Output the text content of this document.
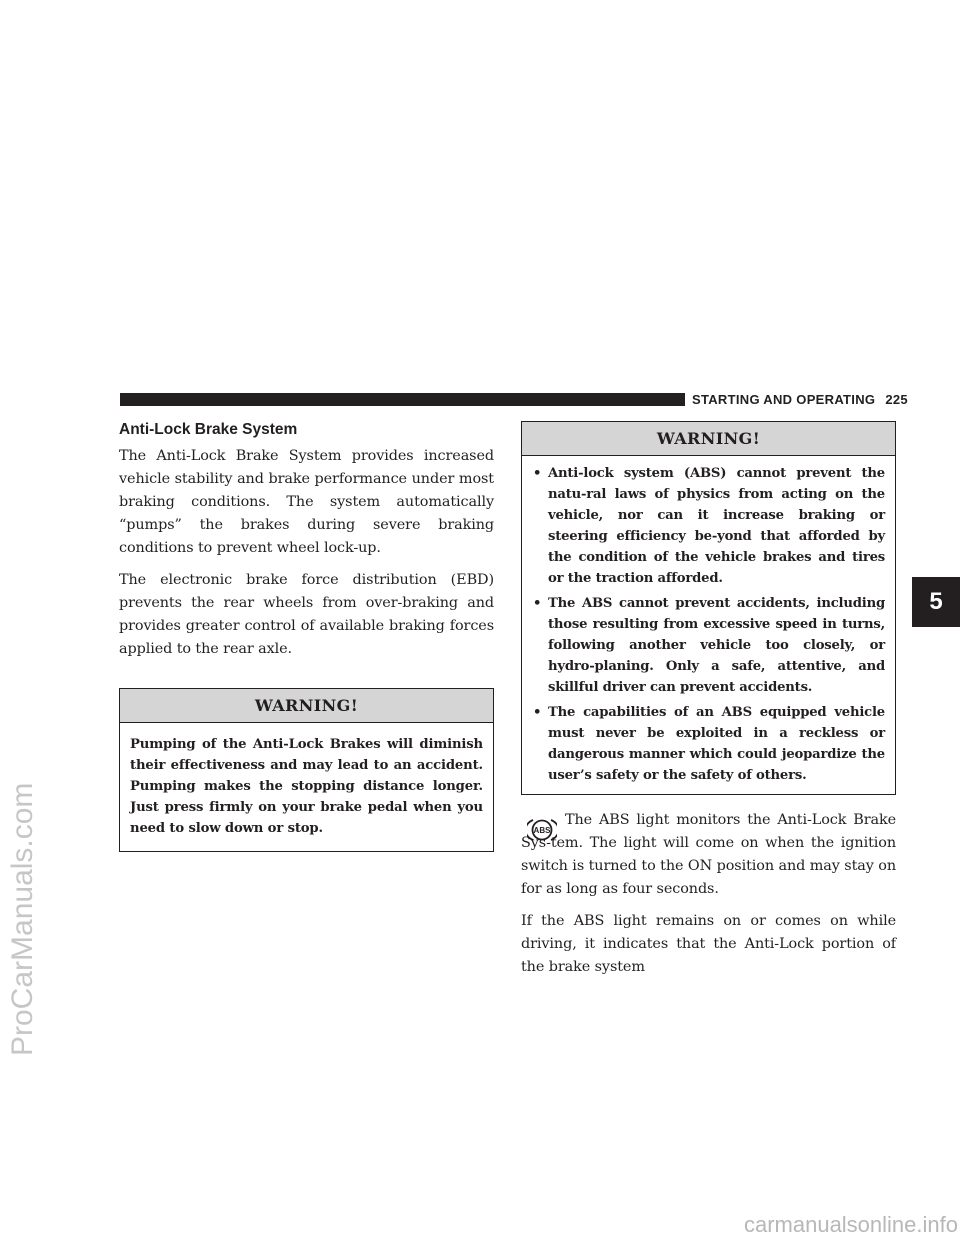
STARTING AND OPERATING 225
ProCarManuals.com
5
Anti-Lock Brake System

The Anti-Lock Brake System provides increased vehicle stability and brake performance under most braking conditions. The system automatically “pumps” the brakes during severe braking conditions to prevent wheel lock-up.

The electronic brake force distribution (EBD) prevents the rear wheels from over-braking and provides greater control of available braking forces applied to the rear axle.

WARNING!
Pumping of the Anti-Lock Brakes will diminish their effectiveness and may lead to an accident. Pumping makes the stopping distance longer. Just press firmly on your brake pedal when you need to slow down or stop.
WARNING!
• Anti-lock system (ABS) cannot prevent the natu-ral laws of physics from acting on the vehicle, nor can it increase braking or steering efficiency be-yond that afforded by the condition of the vehicle brakes and tires or the traction afforded.
• The ABS cannot prevent accidents, including those resulting from excessive speed in turns, following another vehicle too closely, or hydro-planing. Only a safe, attentive, and skillful driver can prevent accidents.
• The capabilities of an ABS equipped vehicle must never be exploited in a reckless or dangerous manner which could jeopardize the user’s safety or the safety of others.
ABS

The ABS light monitors the Anti-Lock Brake Sys-tem. The light will come on when the ignition switch is turned to the ON position and may stay on for as long as four seconds.

If the ABS light remains on or comes on while driving, it indicates that the Anti-Lock portion of the brake system

carmanualsonline.info
